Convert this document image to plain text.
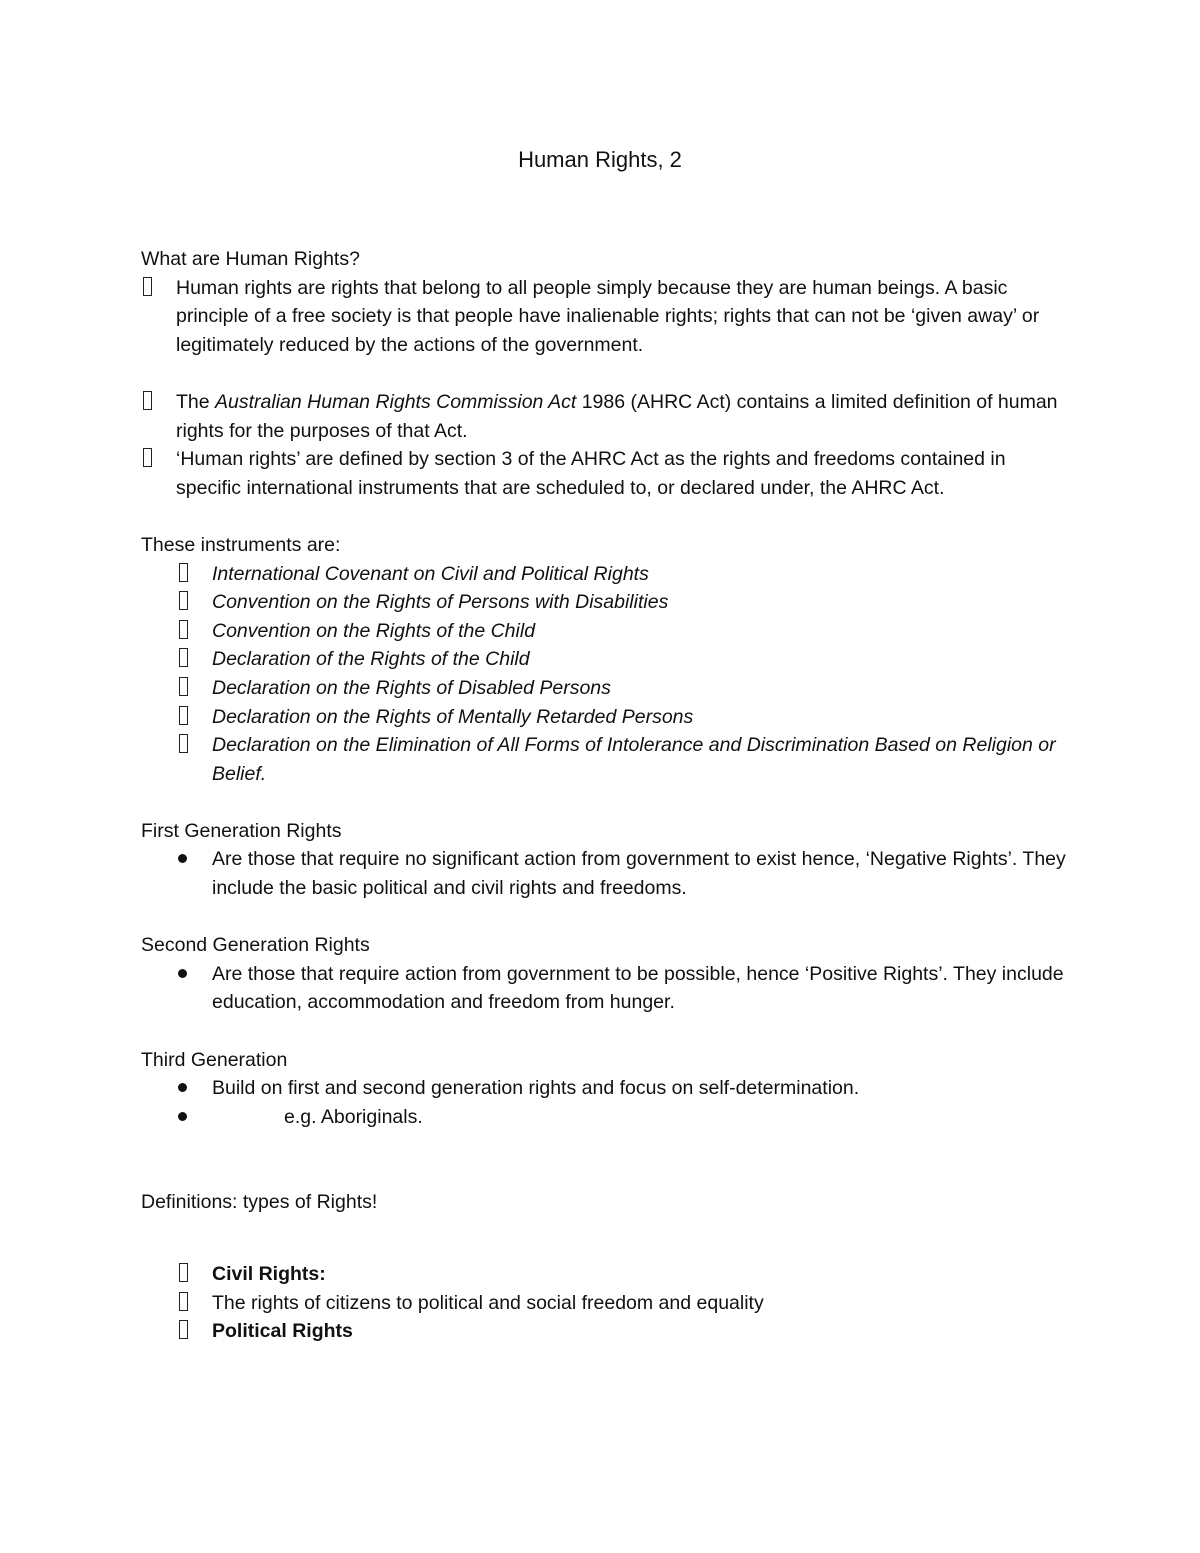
Human Rights, 2
What are Human Rights?
Human rights are rights that belong to all people simply because they are human beings. A basic principle of a free society is that people have inalienable rights; rights that can not be ‘given away’ or legitimately reduced by the actions of the government.
The Australian Human Rights Commission Act 1986 (AHRC Act) contains a limited definition of human rights for the purposes of that Act.
‘Human rights’ are defined by section 3 of the AHRC Act as the rights and freedoms contained in specific international instruments that are scheduled to, or declared under, the AHRC Act.
These instruments are:
International Covenant on Civil and Political Rights
Convention on the Rights of Persons with Disabilities
Convention on the Rights of the Child
Declaration of the Rights of the Child
Declaration on the Rights of Disabled Persons
Declaration on the Rights of Mentally Retarded Persons
Declaration on the Elimination of All Forms of Intolerance and Discrimination Based on Religion or Belief.
First Generation Rights
Are those that require no significant action from government to exist hence, ‘Negative Rights’. They include the basic political and civil rights and freedoms.
Second Generation Rights
Are those that require action from government to be possible, hence ‘Positive Rights’. They include education, accommodation and freedom from hunger.
Third Generation
Build on first and second generation rights and focus on self-determination.
e.g. Aboriginals.
Definitions: types of Rights!
Civil Rights:
The rights of citizens to political and social freedom and equality
Political Rights
